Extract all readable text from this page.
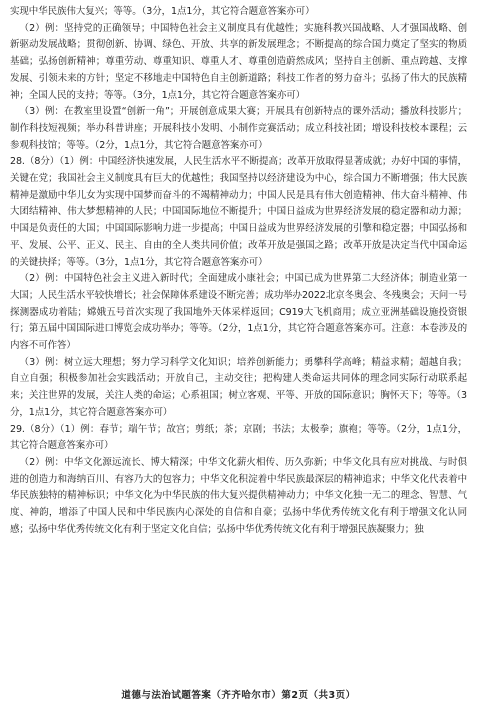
实现中华民族伟大复兴；等等。（3分，1点1分，其它符合题意答案亦可）

（2）例：坚持党的正确领导；中国特色社会主义制度具有优越性；实施科教兴国战略、人才强国战略、创新驱动发展战略；贯彻创新、协调、绿色、开放、共享的新发展理念；不断提高的综合国力奠定了坚实的物质基础；弘扬创新精神；尊重劳动、尊重知识、尊重人才、尊重创造蔚然成风；坚持自主创新、重点跨越、支撑发展、引领未来的方针；坚定不移地走中国特色自主创新道路；科技工作者的努力奋斗；弘扬了伟大的民族精神；全国人民的支持；等等。（3分，1点1分，其它符合题意答案亦可）

（3）例：在教室里设置“创新一角”；开展创意成果大赛；开展具有创新特点的课外活动；播放科技影片；制作科技短视频；举办科普讲座；开展科技小发明、小制作竞赛活动；成立科技社团；增设科技校本课程；云参观科技馆；等等。（2分，1点1分，其它符合题意答案亦可）

28.（8分）（1）例：中国经济快速发展，人民生活水平不断提高；改革开放取得显著成就；办好中国的事情，关键在党；我国社会主义制度具有巨大的优越性；我国坚持以经济建设为中心，综合国力不断增强；伟大民族精神是激励中华儿女为实现中国梦而奋斗的不竭精神动力；中国人民是具有伟大创造精神、伟大奋斗精神、伟大团结精神、伟大梦想精神的人民；中国国际地位不断提升；中国日益成为世界经济发展的稳定器和动力源；中国是负责任的大国；中国国际影响力进一步提高；中国日益成为世界经济发展的引擎和稳定器；中国弘扬和平、发展、公平、正义、民主、自由的全人类共同价值；改革开放是强国之路；改革开放是决定当代中国命运的关键抉择；等等。（3分，1点1分，其它符合题意答案亦可）

（2）例：中国特色社会主义进入新时代；全面建成小康社会；中国已成为世界第二大经济体；制造业第一大国；人民生活水平较快增长；社会保障体系建设不断完善；成功举办2022北京冬奥会、冬残奥会；天问一号探测器成功着陆；嫦娥五号首次实现了我国地外天体采样返回；C919大飞机商用；成立亚洲基础设施投资银行；第五届中国国际进口博览会成功举办；等等。（2分，1点1分，其它符合题意答案亦可。注意：本卷涉及的内容不可作答）

（3）例：树立远大理想；努力学习科学文化知识；培养创新能力；勇攀科学高峰；精益求精；超越自我；自立自强；积极参加社会实践活动；开放自己，主动交往；把构建人类命运共同体的理念同实际行动联系起来；关注世界的发展，关注人类的命运；心系祖国；树立客观、平等、开放的国际意识；胸怀天下；等等。（3分，1点1分，其它符合题意答案亦可）

29.（8分）（1）例：春节；端午节；故宫；剪纸；茶；京剧；书法；太极拳；旗袍；等等。（2分，1点1分，其它符合题意答案亦可）

（2）例：中华文化源远流长、博大精深；中华文化薪火相传、历久弥新；中华文化具有应对挑战、与时俱进的创造力和海纳百川、有容乃大的包容力；中华文化积淀着中华民族最深层的精神追求；中华文化代表着中华民族独特的精神标识；中华文化为中华民族的伟大复兴提供精神动力；中华文化独一无二的理念、智慧、气度、神韵，增添了中国人民和中华民族内心深处的自信和自豪；弘扬中华优秀传统文化有利于增强文化认同感；弘扬中华优秀传统文化有利于坚定文化自信；弘扬中华优秀传统文化有利于增强民族凝聚力；独

道德与法治试题答案（齐齐哈尔市）第2页（共3页）
